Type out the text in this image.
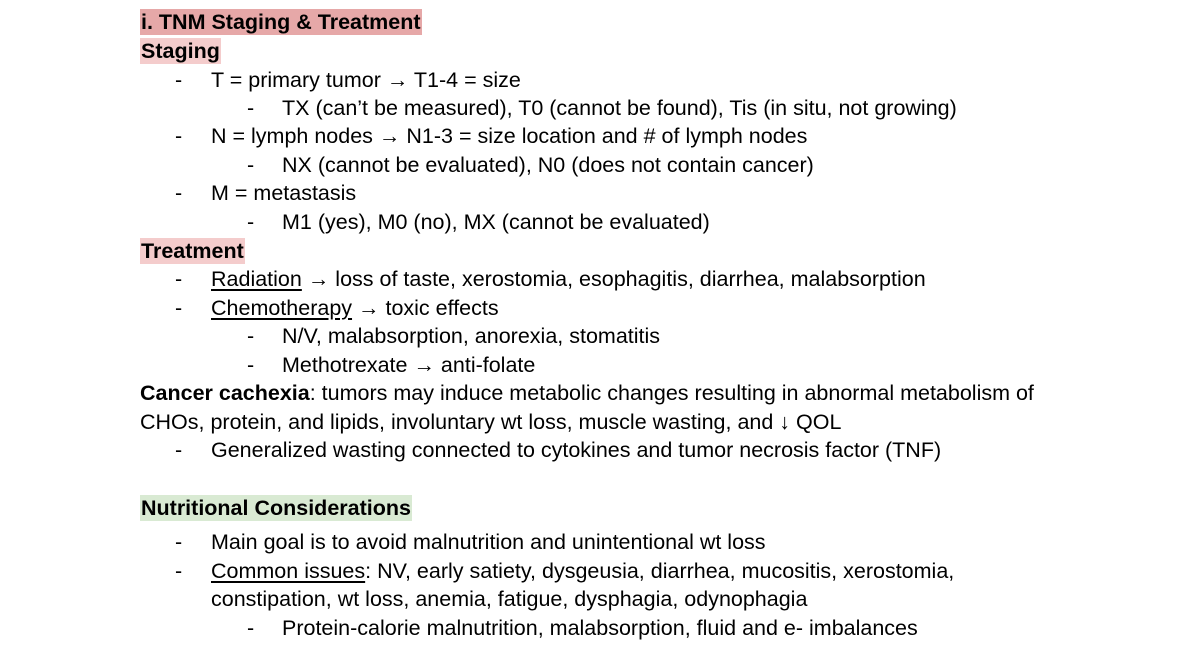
i. TNM Staging & Treatment
Staging
- T = primary tumor → T1-4 = size
- TX (can’t be measured), T0 (cannot be found), Tis (in situ, not growing)
- N = lymph nodes → N1-3 = size location and # of lymph nodes
- NX (cannot be evaluated), N0 (does not contain cancer)
- M = metastasis
- M1 (yes), M0 (no), MX (cannot be evaluated)
Treatment
- Radiation → loss of taste, xerostomia, esophagitis, diarrhea, malabsorption
- Chemotherapy → toxic effects
- N/V, malabsorption, anorexia, stomatitis
- Methotrexate → anti-folate
Cancer cachexia: tumors may induce metabolic changes resulting in abnormal metabolism of
CHOs, protein, and lipids, involuntary wt loss, muscle wasting, and ↓ QOL
- Generalized wasting connected to cytokines and tumor necrosis factor (TNF)
Nutritional Considerations
- Main goal is to avoid malnutrition and unintentional wt loss
- Common issues: NV, early satiety, dysgeusia, diarrhea, mucositis, xerostomia,
constipation, wt loss, anemia, fatigue, dysphagia, odynophagia
- Protein-calorie malnutrition, malabsorption, fluid and e- imbalances
